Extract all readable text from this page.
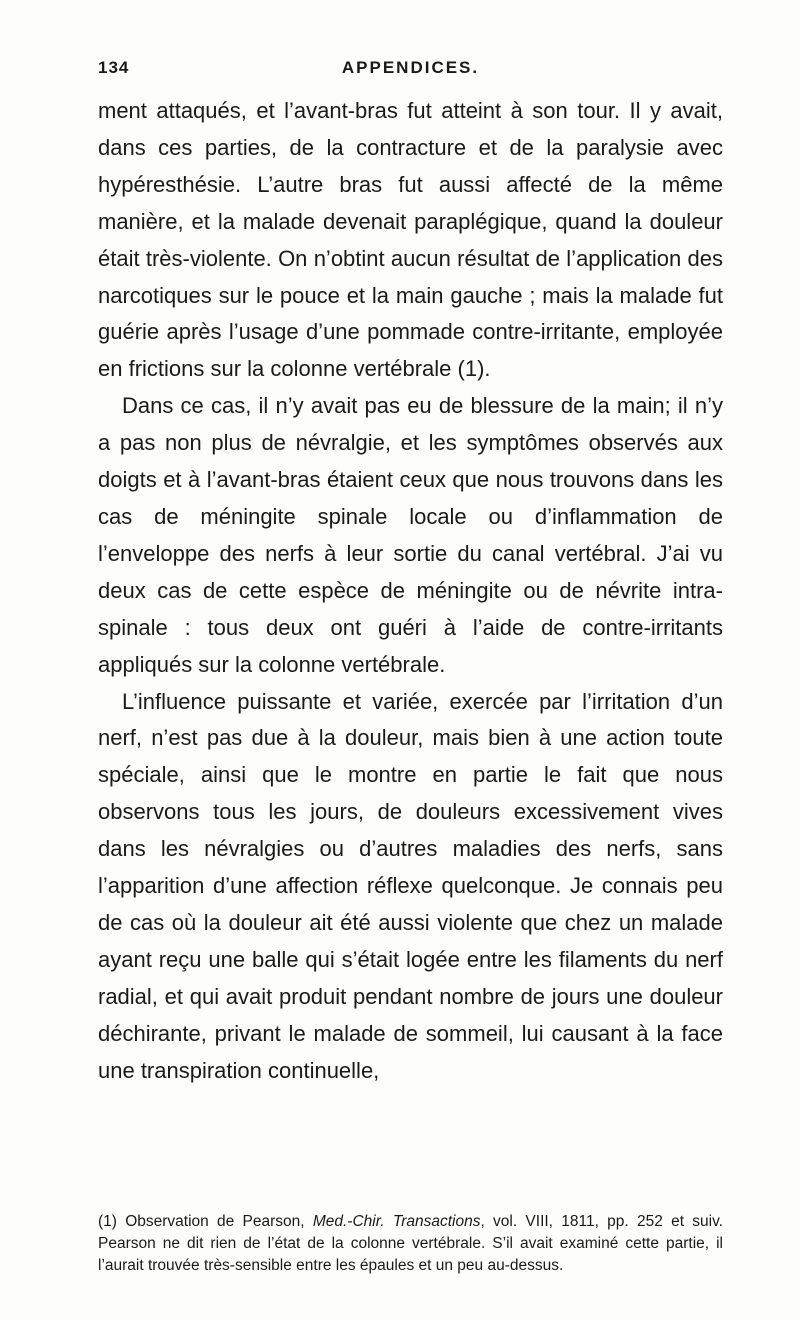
134	APPENDICES.

ment attaqués, et l’avant-bras fut atteint à son tour. Il y avait, dans ces parties, de la contracture et de la paralysie avec hypéresthésie. L’autre bras fut aussi affecté de la même manière, et la malade devenait paraplégique, quand la douleur était très-violente. On n’obtint aucun résultat de l’application des narcotiques sur le pouce et la main gauche ; mais la malade fut guérie après l’usage d’une pommade contre-irritante, employée en frictions sur la colonne vertébrale (1).

Dans ce cas, il n’y avait pas eu de blessure de la main; il n’y a pas non plus de névralgie, et les symptômes observés aux doigts et à l’avant-bras étaient ceux que nous trouvons dans les cas de méningite spinale locale ou d’inflammation de l’enveloppe des nerfs à leur sortie du canal vertébral. J’ai vu deux cas de cette espèce de méningite ou de névrite intra-spinale : tous deux ont guéri à l’aide de contre-irritants appliqués sur la colonne vertébrale.

L’influence puissante et variée, exercée par l’irritation d’un nerf, n’est pas due à la douleur, mais bien à une action toute spéciale, ainsi que le montre en partie le fait que nous observons tous les jours, de douleurs excessivement vives dans les névralgies ou d’autres maladies des nerfs, sans l’apparition d’une affection réflexe quelconque. Je connais peu de cas où la douleur ait été aussi violente que chez un malade ayant reçu une balle qui s’était logée entre les filaments du nerf radial, et qui avait produit pendant nombre de jours une douleur déchirante, privant le malade de sommeil, lui causant à la face une transpiration continuelle,

(1) Observation de Pearson, Med.-Chir. Transactions, vol. VIII, 1811, pp. 252 et suiv. Pearson ne dit rien de l’état de la colonne vertébrale. S’il avait examiné cette partie, il l’aurait trouvée très-sensible entre les épaules et un peu au-dessus.
